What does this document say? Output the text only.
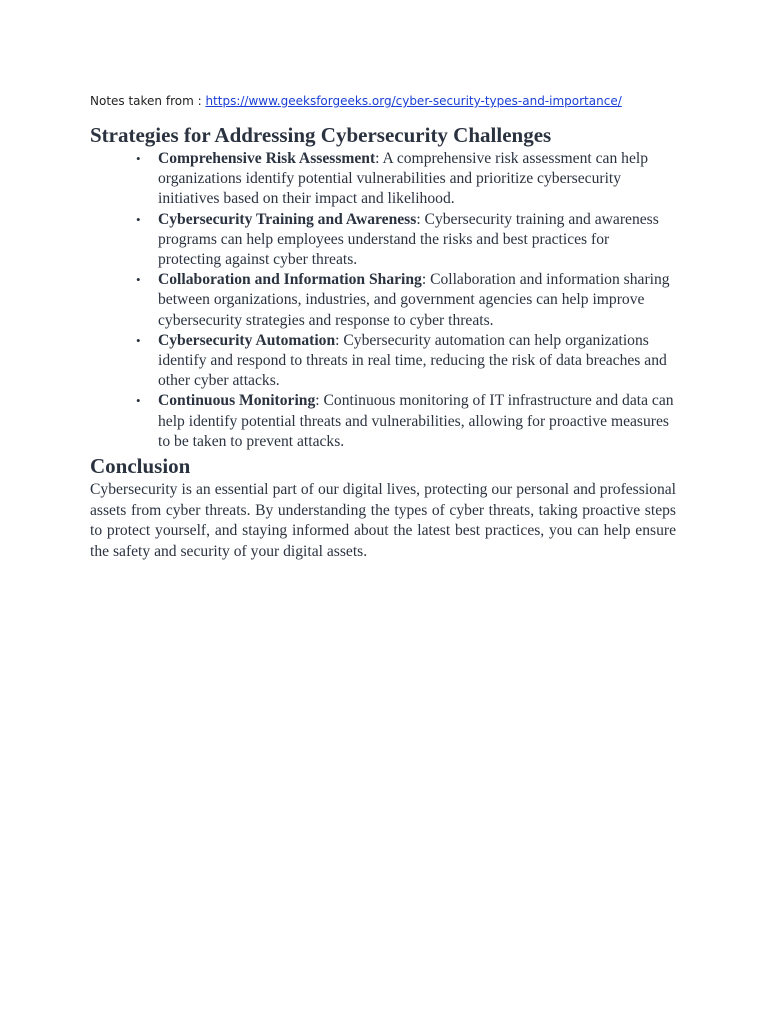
Notes taken from : https://www.geeksforgeeks.org/cyber-security-types-and-importance/
Strategies for Addressing Cybersecurity Challenges
• Comprehensive Risk Assessment: A comprehensive risk assessment can help organizations identify potential vulnerabilities and prioritize cybersecurity initiatives based on their impact and likelihood.
• Cybersecurity Training and Awareness: Cybersecurity training and awareness programs can help employees understand the risks and best practices for protecting against cyber threats.
• Collaboration and Information Sharing: Collaboration and information sharing between organizations, industries, and government agencies can help improve cybersecurity strategies and response to cyber threats.
• Cybersecurity Automation: Cybersecurity automation can help organizations identify and respond to threats in real time, reducing the risk of data breaches and other cyber attacks.
• Continuous Monitoring: Continuous monitoring of IT infrastructure and data can help identify potential threats and vulnerabilities, allowing for proactive measures to be taken to prevent attacks.
Conclusion

Cybersecurity is an essential part of our digital lives, protecting our personal and professional assets from cyber threats. By understanding the types of cyber threats, taking proactive steps to protect yourself, and staying informed about the latest best practices, you can help ensure the safety and security of your digital assets.
